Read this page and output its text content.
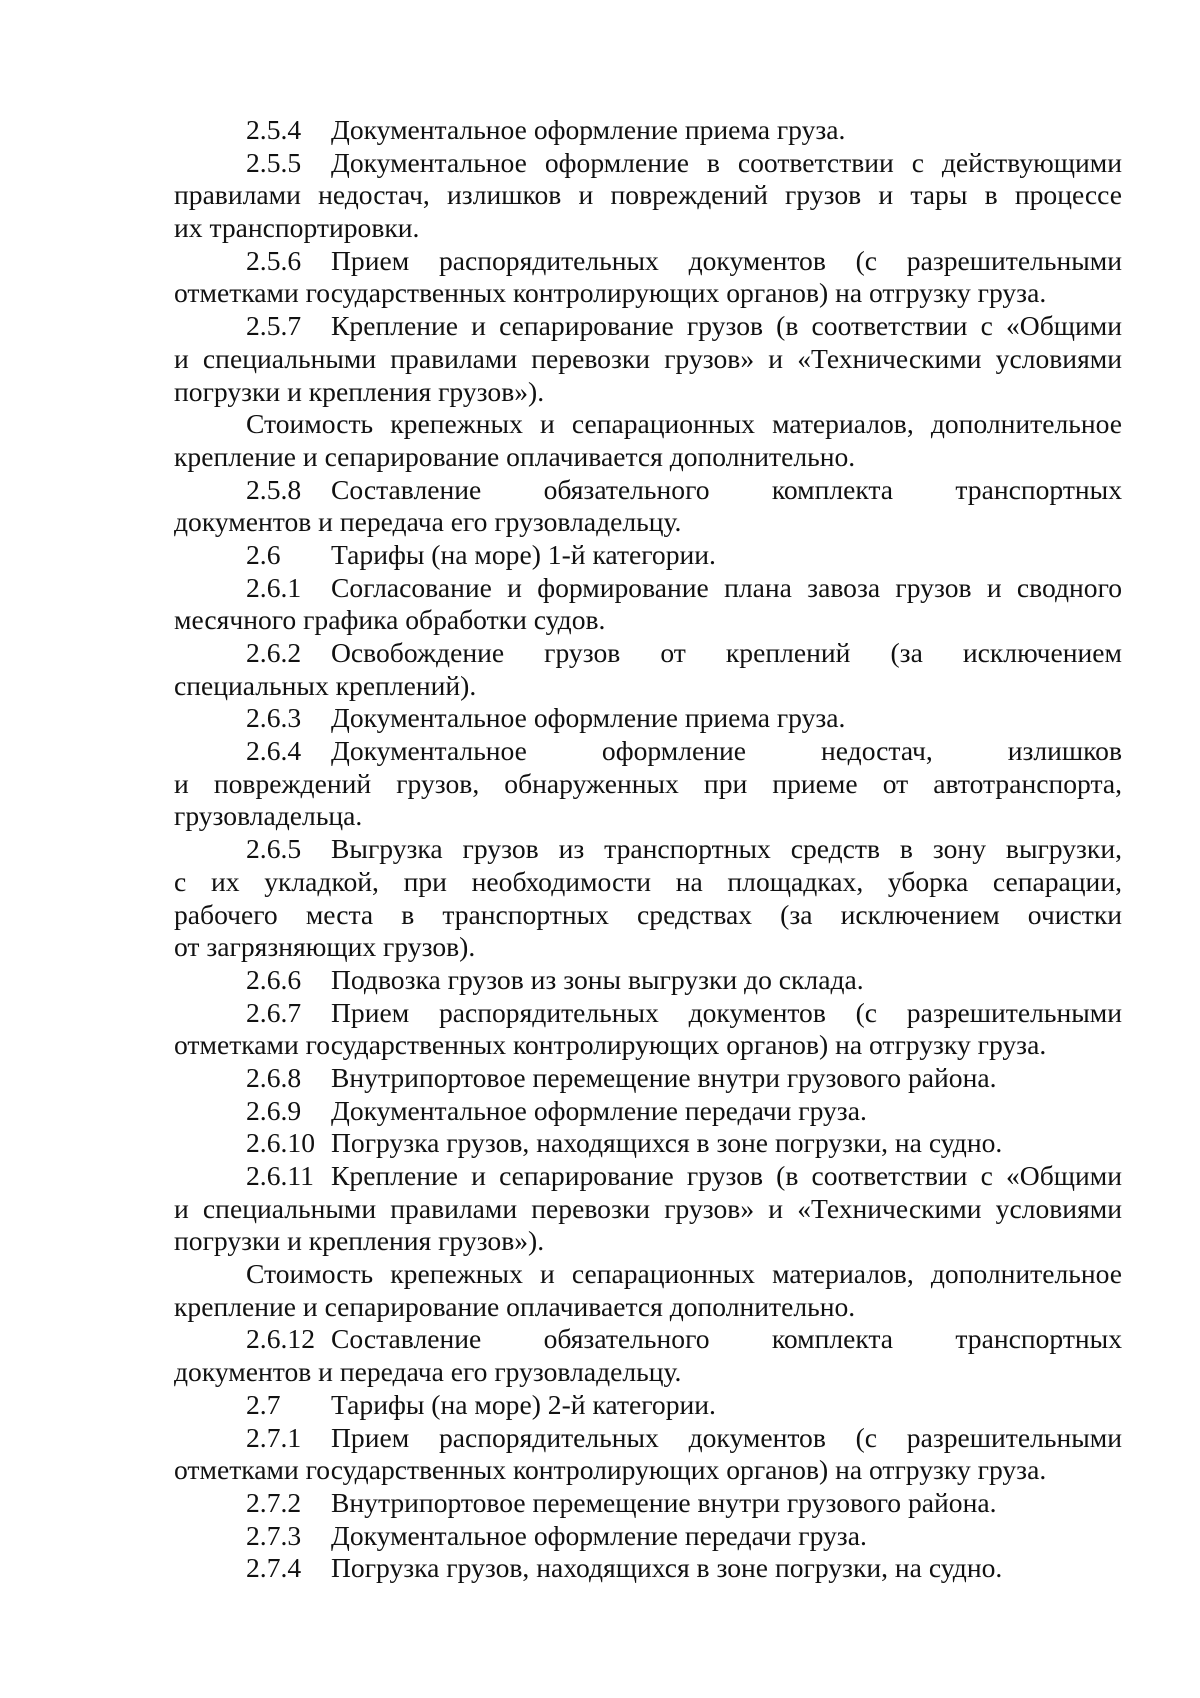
2.5.4	Документальное оформление приема груза.
2.5.5	Документальное оформление в соответствии с действующими
правилами недостач, излишков и повреждений грузов и тары в процессе
их транспортировки.
2.5.6	Прием распорядительных документов (с разрешительными
отметками государственных контролирующих органов) на отгрузку груза.
2.5.7	Крепление и сепарирование грузов (в соответствии с «Общими
и специальными правилами перевозки грузов» и «Техническими условиями
погрузки и крепления грузов»).
Стоимость крепежных и сепарационных материалов, дополнительное
крепление и сепарирование оплачивается дополнительно.
2.5.8	Составление обязательного комплекта транспортных
документов и передача его грузовладельцу.
2.6	Тарифы (на море) 1-й категории.
2.6.1	Согласование и формирование плана завоза грузов и сводного
месячного графика обработки судов.
2.6.2	Освобождение грузов от креплений (за исключением
специальных креплений).
2.6.3	Документальное оформление приема груза.
2.6.4	Документальное оформление недостач, излишков
и повреждений грузов, обнаруженных при приеме от автотранспорта,
грузовладельца.
2.6.5	Выгрузка грузов из транспортных средств в зону выгрузки,
с их укладкой, при необходимости на площадках, уборка сепарации,
рабочего места в транспортных средствах (за исключением очистки
от загрязняющих грузов).
2.6.6	Подвозка грузов из зоны выгрузки до склада.
2.6.7	Прием распорядительных документов (с разрешительными
отметками государственных контролирующих органов) на отгрузку груза.
2.6.8	Внутрипортовое перемещение внутри грузового района.
2.6.9	Документальное оформление передачи груза.
2.6.10 Погрузка грузов, находящихся в зоне погрузки, на судно.
2.6.11 Крепление и сепарирование грузов (в соответствии с «Общими
и специальными правилами перевозки грузов» и «Техническими условиями
погрузки и крепления грузов»).
Стоимость крепежных и сепарационных материалов, дополнительное
крепление и сепарирование оплачивается дополнительно.
2.6.12 Составление обязательного комплекта транспортных
документов и передача его грузовладельцу.
2.7	Тарифы (на море) 2-й категории.
2.7.1	Прием распорядительных документов (с разрешительными
отметками государственных контролирующих органов) на отгрузку груза.
2.7.2	Внутрипортовое перемещение внутри грузового района.
2.7.3	Документальное оформление передачи груза.
2.7.4	Погрузка грузов, находящихся в зоне погрузки, на судно.
